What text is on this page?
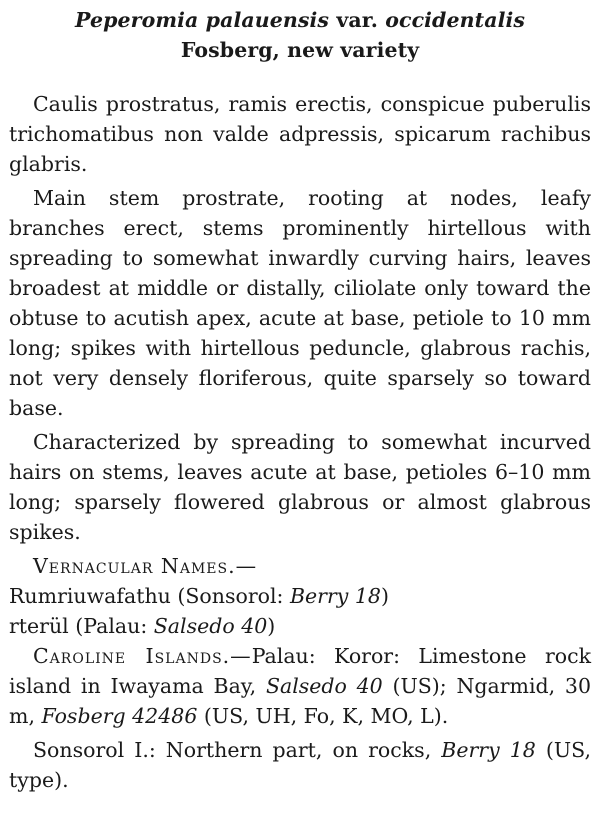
Peperomia palauensis var. occidentalis
Fosberg, new variety

Caulis prostratus, ramis erectis, conspicue puberulis trichomatibus non valde adpressis, spicarum rachibus glabris.

Main stem prostrate, rooting at nodes, leafy branches erect, stems prominently hirtellous with spreading to somewhat inwardly curving hairs, leaves broadest at middle or distally, ciliolate only toward the obtuse to acutish apex, acute at base, petiole to 10 mm long; spikes with hirtellous peduncle, glabrous rachis, not very densely floriferous, quite sparsely so toward base.

Characterized by spreading to somewhat incurved hairs on stems, leaves acute at base, petioles 6–10 mm long; sparsely flowered glabrous or almost glabrous spikes.

Vernacular Names.—

Rumriuwafathu (Sonsorol: Berry 18)

rterül (Palau: Salsedo 40)

Caroline Islands.—Palau: Koror: Limestone rock island in Iwayama Bay, Salsedo 40 (US); Ngarmid, 30 m, Fosberg 42486 (US, UH, Fo, K, MO, L).

Sonsorol I.: Northern part, on rocks, Berry 18 (US, type).
